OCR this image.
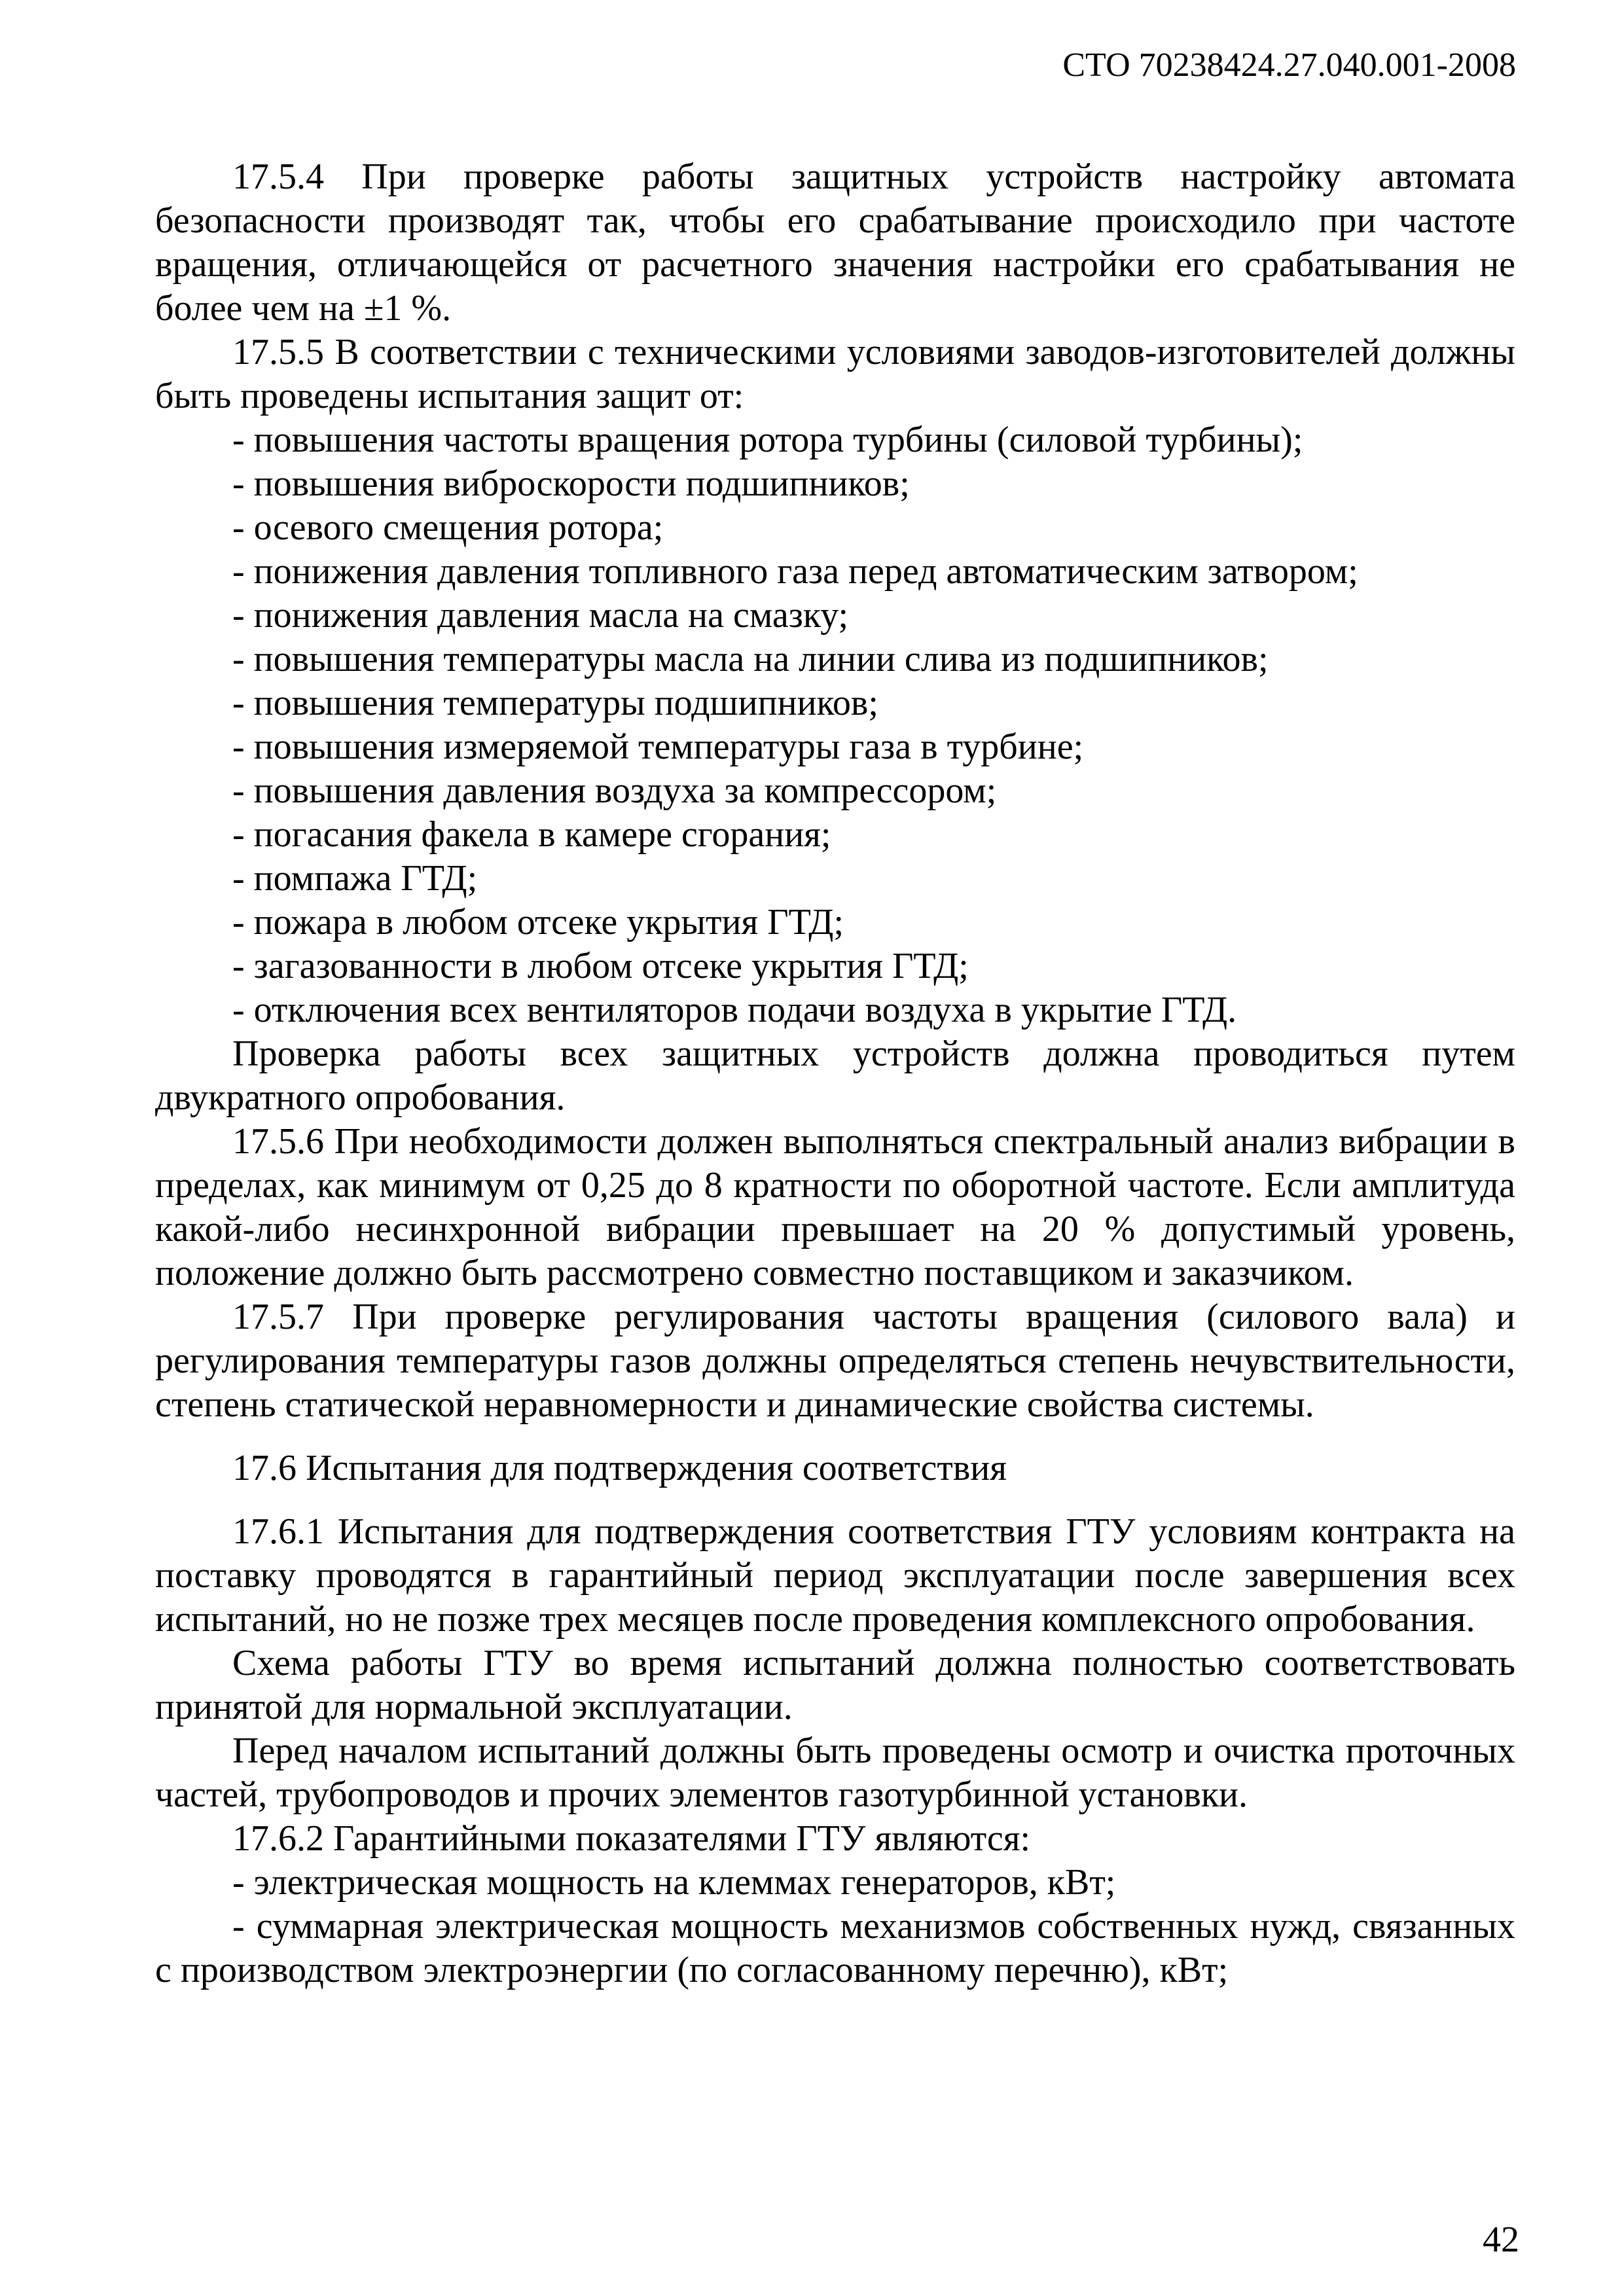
СТО 70238424.27.040.001-2008

17.5.4 При проверке работы защитных устройств настройку автомата безопасности производят так, чтобы его срабатывание происходило при частоте вращения, отличающейся от расчетного значения настройки его срабатывания не более чем на ±1 %.

17.5.5 В соответствии с техническими условиями заводов-изготовителей должны быть проведены испытания защит от:

- повышения частоты вращения ротора турбины (силовой турбины);

- повышения виброскорости подшипников;

- осевого смещения ротора;

- понижения давления топливного газа перед автоматическим затвором;

- понижения давления масла на смазку;

- повышения температуры масла на линии слива из подшипников;

- повышения температуры подшипников;

- повышения измеряемой температуры газа в турбине;

- повышения давления воздуха за компрессором;

- погасания факела в камере сгорания;

- помпажа ГТД;

- пожара в любом отсеке укрытия ГТД;

- загазованности в любом отсеке укрытия ГТД;

- отключения всех вентиляторов подачи воздуха в укрытие ГТД.

Проверка работы всех защитных устройств должна проводиться путем двукратного опробования.

17.5.6 При необходимости должен выполняться спектральный анализ вибрации в пределах, как минимум от 0,25 до 8 кратности по оборотной частоте. Если амплитуда какой-либо несинхронной вибрации превышает на 20 % допустимый уровень, положение должно быть рассмотрено совместно поставщиком и заказчиком.

17.5.7 При проверке регулирования частоты вращения (силового вала) и регулирования температуры газов должны определяться степень нечувствительности, степень статической неравномерности и динамические свойства системы.

17.6 Испытания для подтверждения соответствия

17.6.1 Испытания для подтверждения соответствия ГТУ условиям контракта на поставку проводятся в гарантийный период эксплуатации после завершения всех испытаний, но не позже трех месяцев после проведения комплексного опробования.

Схема работы ГТУ во время испытаний должна полностью соответствовать принятой для нормальной эксплуатации.

Перед началом испытаний должны быть проведены осмотр и очистка проточных частей, трубопроводов и прочих элементов газотурбинной установки.

17.6.2 Гарантийными показателями ГТУ являются:

- электрическая мощность на клеммах генераторов, кВт;

- суммарная электрическая мощность механизмов собственных нужд, связанных с производством электроэнергии (по согласованному перечню), кВт;

42
